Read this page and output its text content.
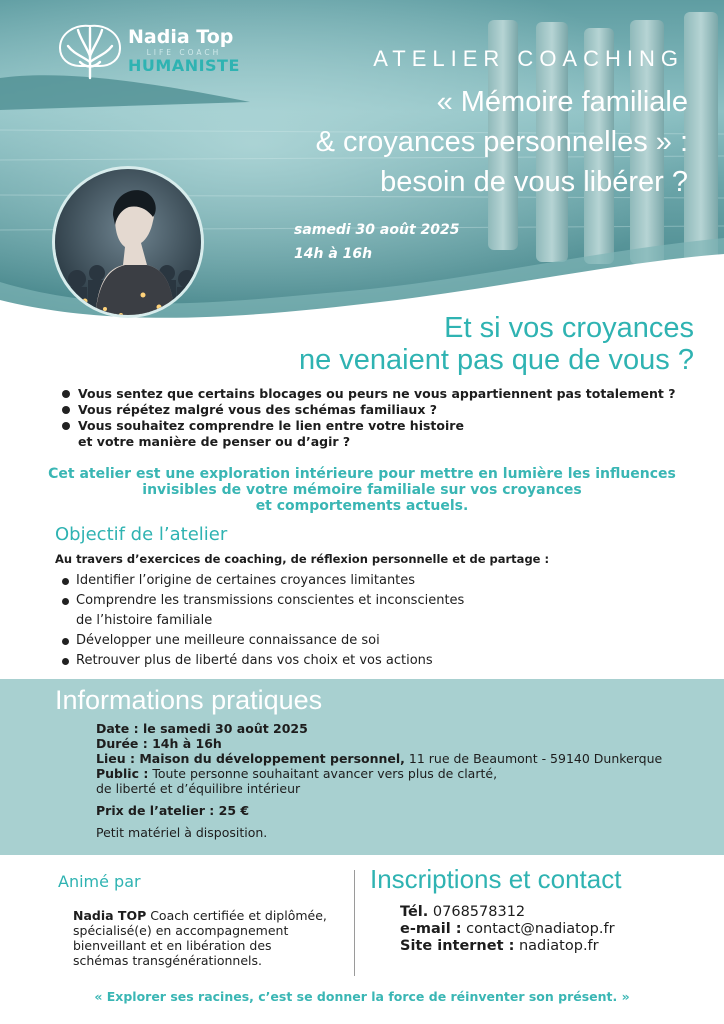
Nadia Top
LIFE COACH
HUMANISTE	ATELIER COACHING
« Mémoire familiale
& croyances personnelles » :
besoin de vous libérer ?
samedi 30 août 2025
14h à 16h
Et si vos croyances
ne venaient pas que de vous ?
Vous sentez que certains blocages ou peurs ne vous appartiennent pas totalement ?
Vous répétez malgré vous des schémas familiaux ?
Vous souhaitez comprendre le lien entre votre histoire
et votre manière de penser ou d’agir ?
Cet atelier est une exploration intérieure pour mettre en lumière les influences
invisibles de votre mémoire familiale sur vos croyances
et comportements actuels.
Objectif de l’atelier
Au travers d’exercices de coaching, de réflexion personnelle et de partage :
Identifier l’origine de certaines croyances limitantes
Comprendre les transmissions conscientes et inconscientes
de l’histoire familiale
Développer une meilleure connaissance de soi
Retrouver plus de liberté dans vos choix et vos actions
Informations pratiques
Date : le samedi 30 août 2025
Durée : 14h à 16h
Lieu : Maison du développement personnel, 11 rue de Beaumont - 59140 Dunkerque
Public : Toute personne souhaitant avancer vers plus de clarté,
de liberté et d’équilibre intérieur
Prix de l’atelier : 25 €
Petit matériel à disposition.
Animé par
Nadia TOP Coach certifiée et diplômée,
spécialisé(e) en accompagnement
bienveillant et en libération des
schémas transgénérationnels.
Inscriptions et contact
Tél. 0768578312
e-mail : contact@nadiatop.fr
Site internet : nadiatop.fr
« Explorer ses racines, c’est se donner la force de réinventer son présent. »
